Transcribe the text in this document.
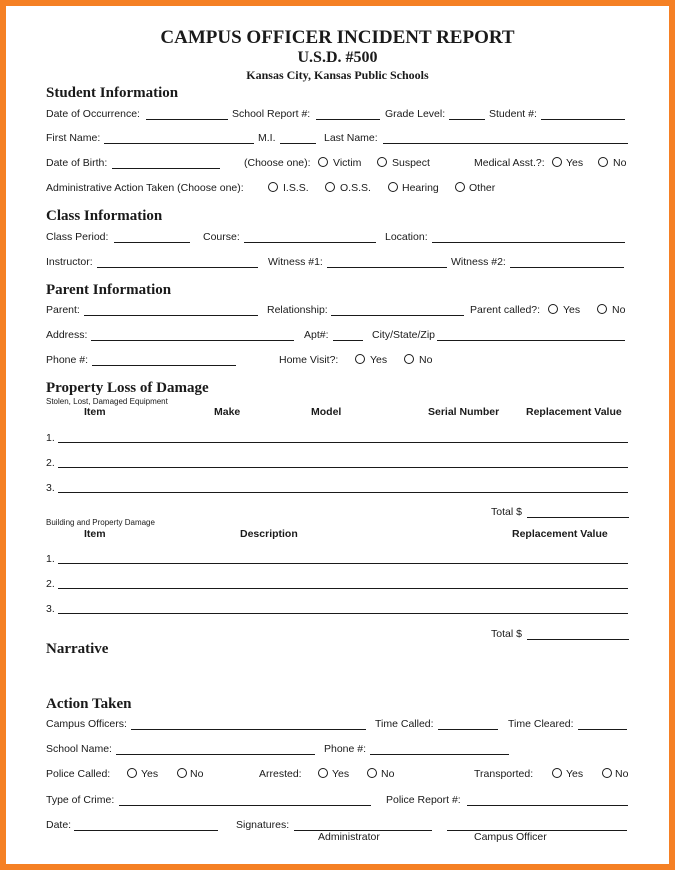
CAMPUS OFFICER INCIDENT REPORT
U.S.D. #500
Kansas City, Kansas Public Schools
Student Information
Date of Occurrence:	School Report #:	Grade Level:	Student #:
First Name:	M.I.	Last Name:
Date of Birth:	(Choose one): Victim	Suspect	Medical Asst.?: Yes	No
Administrative Action Taken (Choose one):	I.S.S.	O.S.S.	Hearing	Other
Class Information
Class Period:	Course:	Location:
Instructor:	Witness #1:	Witness #2:
Parent Information
Parent:	Relationship:	Parent called?: Yes	No
Address:	Apt#:	City/State/Zip
Phone #:	Home Visit?:	Yes	No
Property Loss of Damage
Stolen, Lost, Damaged Equipment
Item	Make	Model	Serial Number	Replacement Value
1.
2.
3.
Total $
Building and Property Damage
Item	Description	Replacement Value
1.
2.
3.
Total $
Narrative
Action Taken
Campus Officers:	Time Called:	Time Cleared:
School Name:	Phone #:
Police Called:	Yes	No	Arrested:	Yes	No	Transported:	Yes	No
Type of Crime:	Police Report #:
Date:	Signatures:
Administrator	Campus Officer
